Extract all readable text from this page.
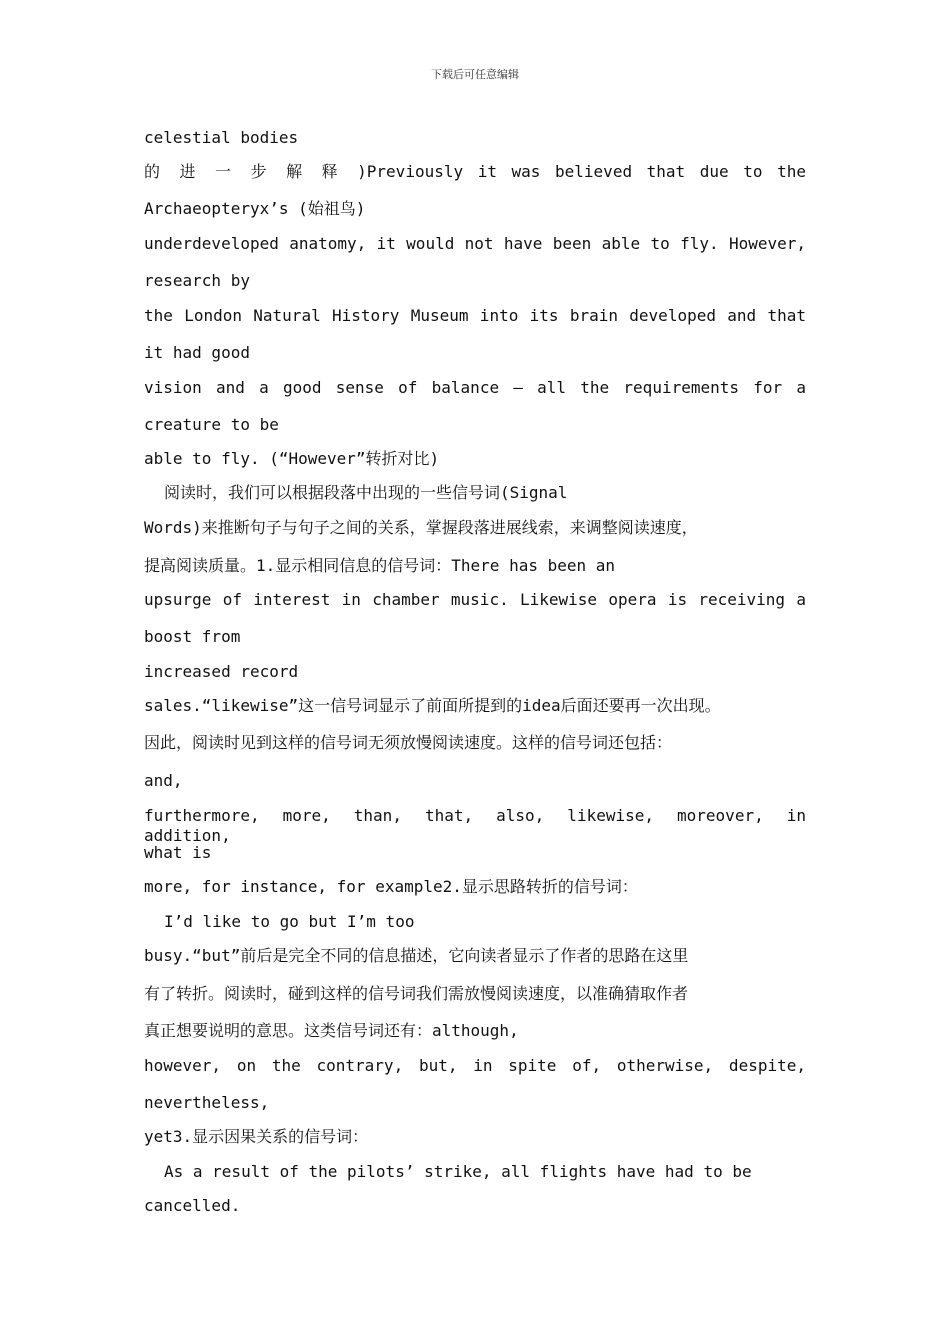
下载后可任意编辑
celestial bodies
的 进 一 步 解 释 )Previously it was believed that due to the
Archaeopteryx’s (始祖鸟)
underdeveloped anatomy, it would not have been able to fly. However,
research by
the London Natural History Museum into its brain developed and that
it had good
vision and a good sense of balance — all the requirements for a
creature to be
able to fly. (“However”转折对比)
阅读时，我们可以根据段落中出现的一些信号词(Signal
Words)来推断句子与句子之间的关系，掌握段落进展线索，来调整阅读速度，
提高阅读质量。1.显示相同信息的信号词：There has been an
upsurge of interest in chamber music. Likewise opera is receiving a
boost from
increased record
sales.“likewise”这一信号词显示了前面所提到的idea后面还要再一次出现。
因此，阅读时见到这样的信号词无须放慢阅读速度。这样的信号词还包括：
and,
furthermore, more, than, that, also, likewise, moreover, in addition,
what is
more, for instance, for example2.显示思路转折的信号词：
I’d like to go but I’m too
busy.“but”前后是完全不同的信息描述，它向读者显示了作者的思路在这里
有了转折。阅读时，碰到这样的信号词我们需放慢阅读速度，以准确猜取作者
真正想要说明的意思。这类信号词还有：although,
however, on the contrary, but, in spite of, otherwise, despite,
nevertheless,
yet3.显示因果关系的信号词：
As a result of the pilots’ strike, all flights have had to be
cancelled.
